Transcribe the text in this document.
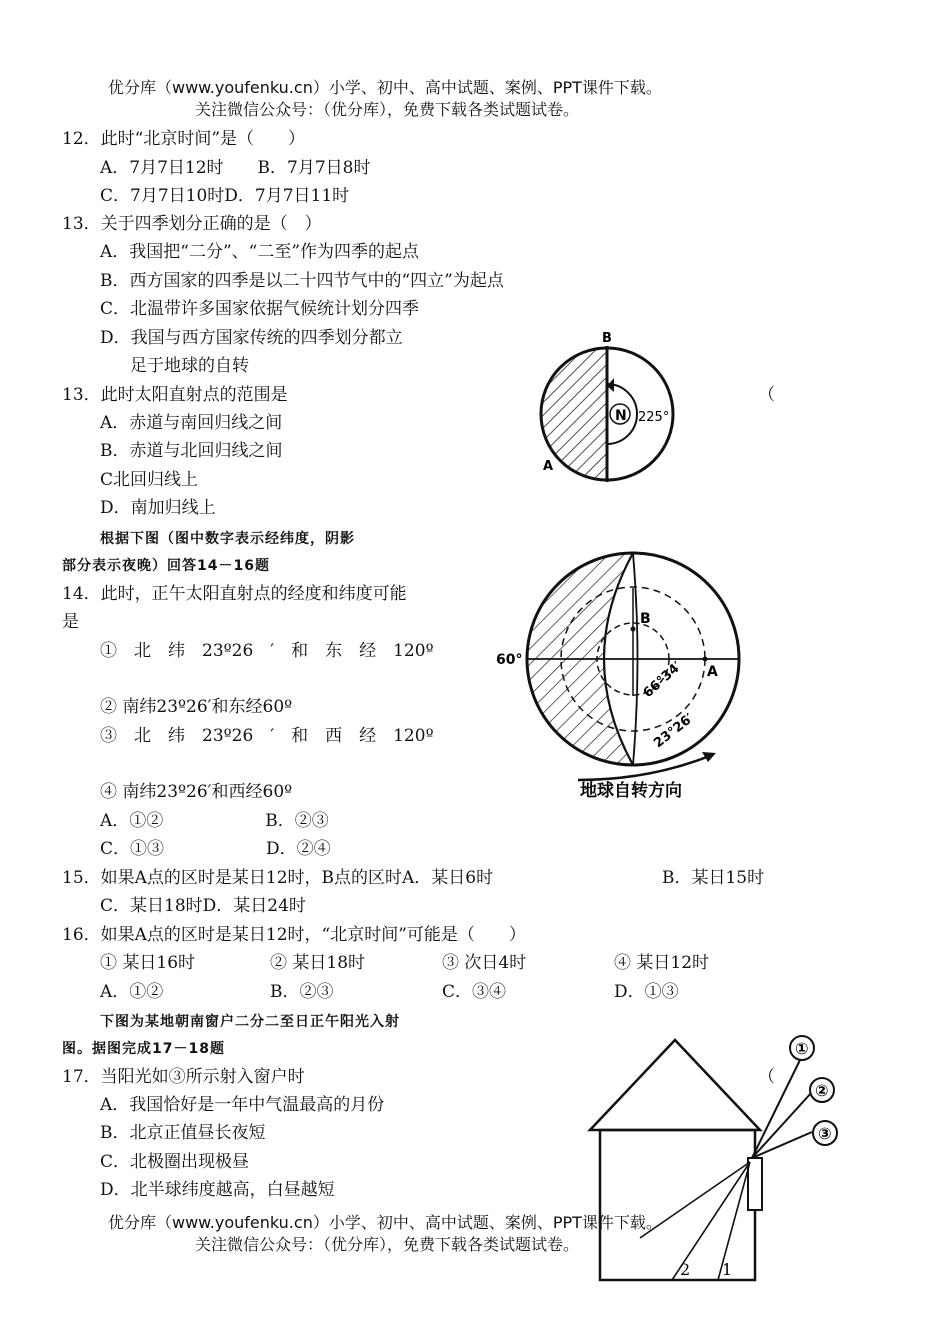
优分库（www.youfenku.cn）小学、初中、高中试题、案例、PPT课件下载。
关注微信公众号：（优分库），免费下载各类试题试卷。
12．此时“北京时间”是（　　）
A．7月7日12时　　B．7月7日8时
C．7月7日10时D．7月7日11时
13．关于四季划分正确的是（　）
A．我国把“二分”、“二至”作为四季的起点
B．西方国家的四季是以二十四节气中的“四立”为起点
C．北温带许多国家依据气候统计划分四季
D．我国与西方国家传统的四季划分都立
足于地球的自转
13．此时太阳直射点的范围是	（
A．赤道与南回归线之间
B．赤道与北回归线之间
C北回归线上
D．南加归线上
N 225°
B
A
根据下图（图中数字表示经纬度，阴影
部分表示夜晚）回答14－16题
14．此时，正午太阳直射点的经度和纬度可能
是
①　北　纬　23º26　′　和　东　经　120º
② 南纬23º26′和东经60º
③　北　纬　23º26　′　和　西　经　120º
④ 南纬23º26′和西经60º
A．①②　　　　　　B．②③
C．①③　　　　　　D．②④
B
A
60°	66°34′
23°26′
地球自转方向
15．如果A点的区时是某日12时，B点的区时A．某日6时	B．某日15时
C．某日18时D．某日24时
16．如果A点的区时是某日12时，“北京时间”可能是（　　）
① 某日16时	② 某日18时	③ 次日4时	④ 某日12时
A．①②	B．②③	C．③④	D．①③
下图为某地朝南窗户二分二至日正午阳光入射
图。据图完成17－18题
17．当阳光如③所示射入窗户时	（
A．我国恰好是一年中气温最高的月份
B．北京正值昼长夜短
C．北极圈出现极昼
D．北半球纬度越高，白昼越短
①
②
③
2 1
优分库（www.youfenku.cn）小学、初中、高中试题、案例、PPT课件下载。
关注微信公众号：（优分库），免费下载各类试题试卷。
